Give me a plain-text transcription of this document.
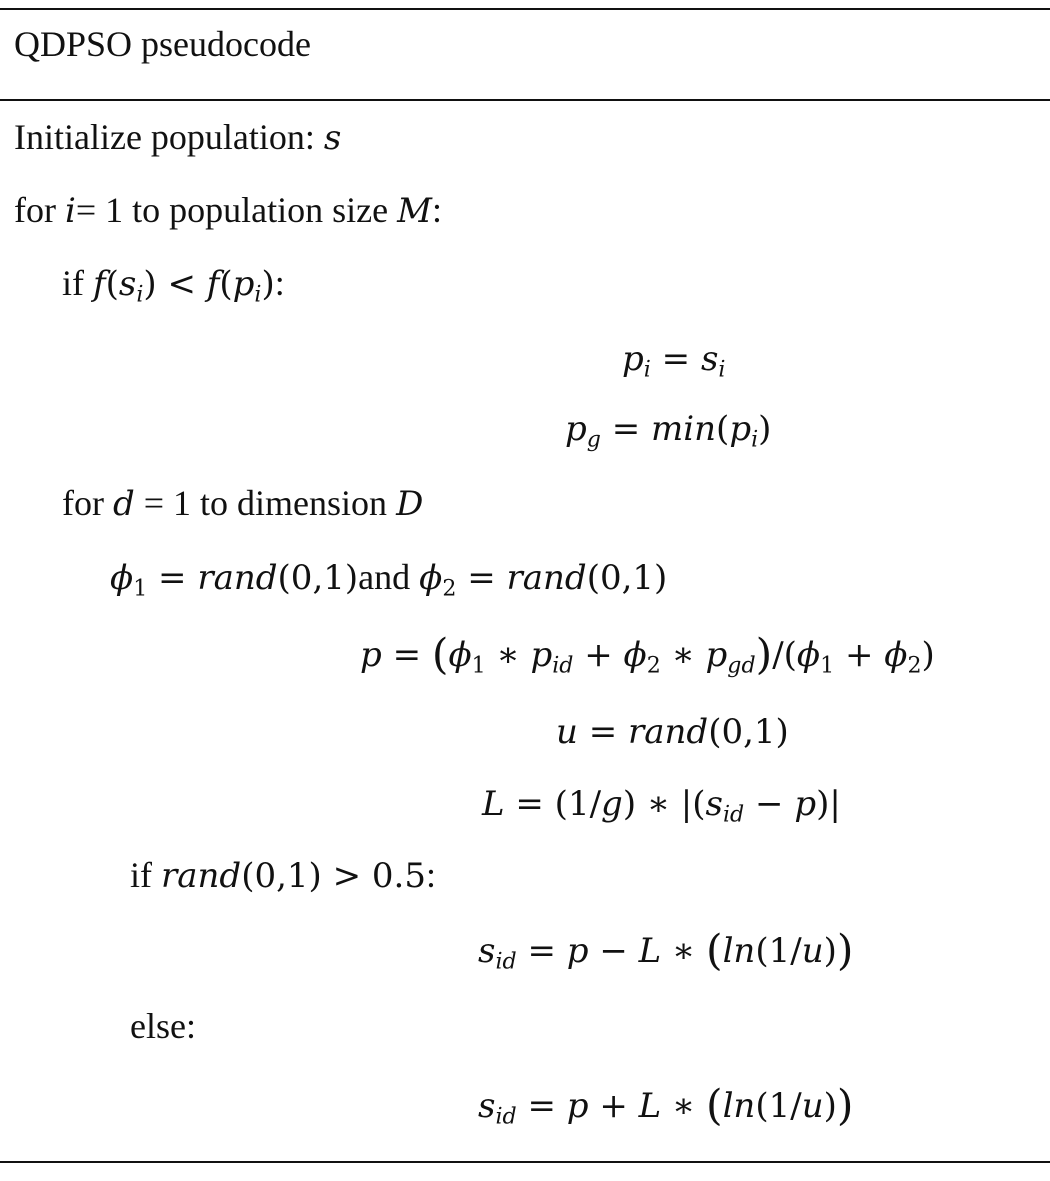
QDPSO pseudocode
Initialize population: s
for i= 1 to population size M:
if $f(s_i) < f(p_i)$:
$p_i = s_i$
$p_g = \min(p_i)$
for d = 1 to dimension D
$\phi_1$ = rand(0,1)and $\phi_2$ = rand(0,1)
$p = (\phi_1$ ∗ $p_{id} + \phi_2$ ∗ $p_{gd})/(\phi_1 + \phi_2)$
u = rand(0,1)
L = (1/g) ∗ $|(s_{id} - p)|$
if rand(0,1) > 0.5:
$s_{id} = p - L$ ∗ (ln(1/u))
else:
$s_{id} = p + L$ ∗ (ln(1/u))
